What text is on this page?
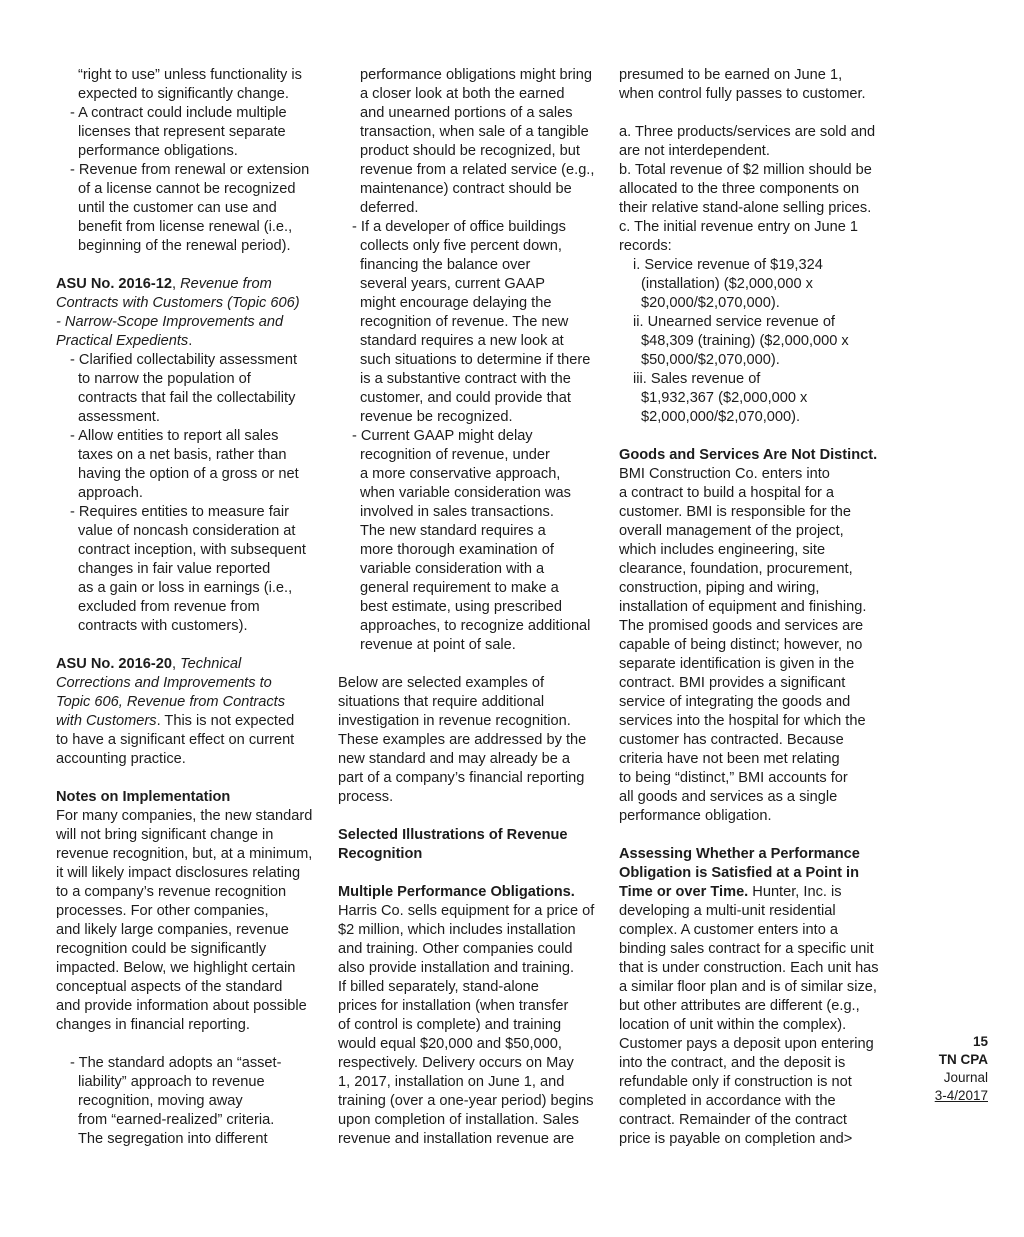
“right to use” unless functionality is
expected to significantly change.
- A contract could include multiple
licenses that represent separate
performance obligations.
- Revenue from renewal or extension
of a license cannot be recognized
until the customer can use and
benefit from license renewal (i.e.,
beginning of the renewal period).
ASU No. 2016-12, Revenue from
Contracts with Customers (Topic 606)
- Narrow-Scope Improvements and
Practical Expedients.
- Clarified collectability assessment
to narrow the population of
contracts that fail the collectability
assessment.
- Allow entities to report all sales
taxes on a net basis, rather than
having the option of a gross or net
approach.
- Requires entities to measure fair
value of noncash consideration at
contract inception, with subsequent
changes in fair value reported
as a gain or loss in earnings (i.e.,
excluded from revenue from
contracts with customers).
ASU No. 2016-20, Technical
Corrections and Improvements to
Topic 606, Revenue from Contracts
with Customers. This is not expected
to have a significant effect on current
accounting practice.
Notes on Implementation
For many companies, the new standard
will not bring significant change in
revenue recognition, but, at a minimum,
it will likely impact disclosures relating
to a company’s revenue recognition
processes. For other companies,
and likely large companies, revenue
recognition could be significantly
impacted. Below, we highlight certain
conceptual aspects of the standard
and provide information about possible
changes in financial reporting.
- The standard adopts an “asset-
liability” approach to revenue
recognition, moving away
from “earned-realized” criteria.
The segregation into different
performance obligations might bring
a closer look at both the earned
and unearned portions of a sales
transaction, when sale of a tangible
product should be recognized, but
revenue from a related service (e.g.,
maintenance) contract should be
deferred.
- If a developer of office buildings
collects only five percent down,
financing the balance over
several years, current GAAP
might encourage delaying the
recognition of revenue. The new
standard requires a new look at
such situations to determine if there
is a substantive contract with the
customer, and could provide that
revenue be recognized.
- Current GAAP might delay
recognition of revenue, under
a more conservative approach,
when variable consideration was
involved in sales transactions.
The new standard requires a
more thorough examination of
variable consideration with a
general requirement to make a
best estimate, using prescribed
approaches, to recognize additional
revenue at point of sale.
Below are selected examples of
situations that require additional
investigation in revenue recognition.
These examples are addressed by the
new standard and may already be a
part of a company’s financial reporting
process.
Selected Illustrations of Revenue
Recognition
Multiple Performance Obligations.
Harris Co. sells equipment for a price of
$2 million, which includes installation
and training. Other companies could
also provide installation and training.
If billed separately, stand-alone
prices for installation (when transfer
of control is complete) and training
would equal $20,000 and $50,000,
respectively. Delivery occurs on May
1, 2017, installation on June 1, and
training (over a one-year period) begins
upon completion of installation. Sales
revenue and installation revenue are
presumed to be earned on June 1,
when control fully passes to customer.
a. Three products/services are sold and
are not interdependent.
b. Total revenue of $2 million should be
allocated to the three components on
their relative stand-alone selling prices.
c. The initial revenue entry on June 1
records:
i. Service revenue of $19,324
(installation) ($2,000,000 x
$20,000/$2,070,000).
ii. Unearned service revenue of
$48,309 (training) ($2,000,000 x
$50,000/$2,070,000).
iii. Sales revenue of
$1,932,367 ($2,000,000 x
$2,000,000/$2,070,000).
Goods and Services Are Not Distinct.
BMI Construction Co. enters into
a contract to build a hospital for a
customer. BMI is responsible for the
overall management of the project,
which includes engineering, site
clearance, foundation, procurement,
construction, piping and wiring,
installation of equipment and finishing.
The promised goods and services are
capable of being distinct; however, no
separate identification is given in the
contract. BMI provides a significant
service of integrating the goods and
services into the hospital for which the
customer has contracted. Because
criteria have not been met relating
to being “distinct,” BMI accounts for
all goods and services as a single
performance obligation.
Assessing Whether a Performance
Obligation is Satisfied at a Point in
Time or over Time. Hunter, Inc. is
developing a multi-unit residential
complex. A customer enters into a
binding sales contract for a specific unit
that is under construction. Each unit has
a similar floor plan and is of similar size,
but other attributes are different (e.g.,
location of unit within the complex).
Customer pays a deposit upon entering
into the contract, and the deposit is
refundable only if construction is not
completed in accordance with the
contract. Remainder of the contract
price is payable on completion and>
15
TN CPA
Journal
3-4/2017
